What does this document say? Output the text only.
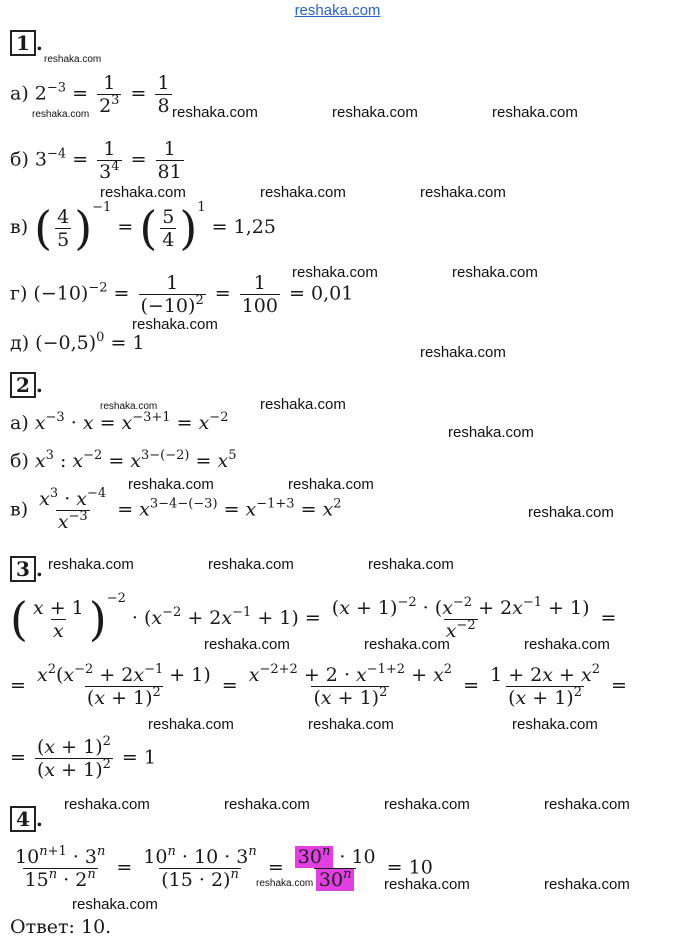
reshaka.com
1 .
а) $2^{-3} = \frac{1}{2^3} = \frac{1}{8}$
б) $3^{-4} = \frac{1}{3^4} = \frac{1}{81}$
в) ( $\frac{4}{5} )^{-1}$ = ( $\frac{5}{4} )^1 = 1,25$
г) $(-10)^{-2} = \frac{1}{(-10)^2} = \frac{1}{100} = 0,01$
д) $(-0,5)^0 = 1$
2 .
а) $x^{-3} \cdot x = x^{-3+1} = x^{-2}$
б) $x^3$ : $x^{-2} = x^{3-(-2)} = x^5$
$в) \frac{x^3 \cdot x^{-4}}{x^{-3}} = x^{3-4-(-3)} = x^{-1+3} = x^2$
3 .
( $\frac{x + 1}{x} )^{-2} \cdot (x^{-2} + 2x^{-1} + 1) = \frac{(x + 1)^{-2} \cdot (x^{-2} + 2x^{-1} + 1)}{x^{-2}}$ =
= $\frac{x^2(x^{-2} + 2x^{-1} + 1)}{(x + 1)^2} = \frac{x^{-2+2} + 2 \cdot x^{-1+2} + x^2}{(x + 1)^2} = \frac{1 + 2x + x^2}{(x + 1)^2}$ =
= $\frac{(x + 1)^2}{(x + 1)^2} = 1$
4 .
$\frac{10^{n+1} \cdot 3^n}{15^n \cdot 2^n} = \frac{10^n \cdot 10 \cdot 3^n}{(15 \cdot 2)^n} = \frac{30^n \cdot 10}{30^n} = 10$
Ответ: 10.
reshaka.com
reshaka.com	reshaka.com	reshaka.com	reshaka.com
reshaka.com	reshaka.com	reshaka.com
reshaka.com	reshaka.com
reshaka.com
reshaka.com
reshaka.com	reshaka.com
reshaka.com
reshaka.com	reshaka.com
reshaka.com
reshaka.com	reshaka.com	reshaka.com
reshaka.com	reshaka.com	reshaka.com
reshaka.com	reshaka.com	reshaka.com
reshaka.com	reshaka.com	reshaka.com	reshaka.com
reshaka.com	reshaka.com	reshaka.com
reshaka.com
